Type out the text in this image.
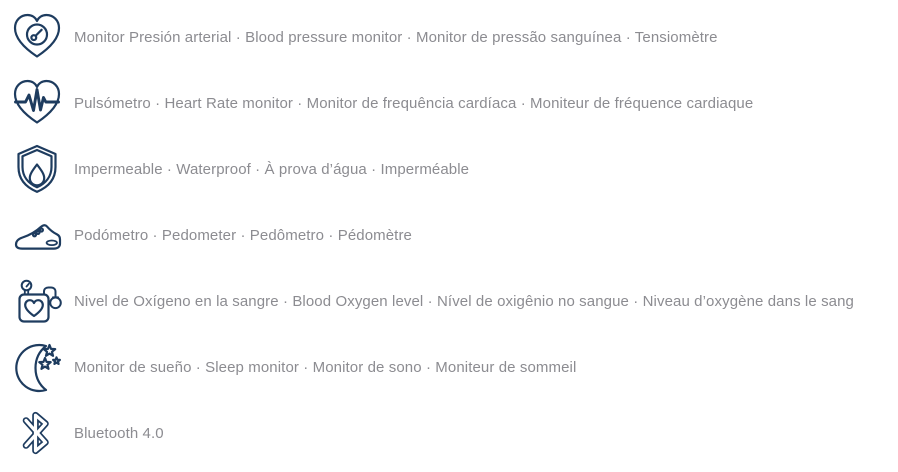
Monitor Presión arterial · Blood pressure monitor · Monitor de pressão sanguínea · Tensiomètre
Pulsómetro · Heart Rate monitor · Monitor de frequência cardíaca · Moniteur de fréquence cardiaque
Impermeable · Waterproof · À prova d’água · Imperméable
Podómetro · Pedometer · Pedômetro · Pédomètre
Nivel de Oxígeno en la sangre · Blood Oxygen level · Nível de oxigênio no sangue · Niveau d’oxygène dans le sang
Monitor de sueño · Sleep monitor · Monitor de sono · Moniteur de sommeil
Bluetooth 4.0
